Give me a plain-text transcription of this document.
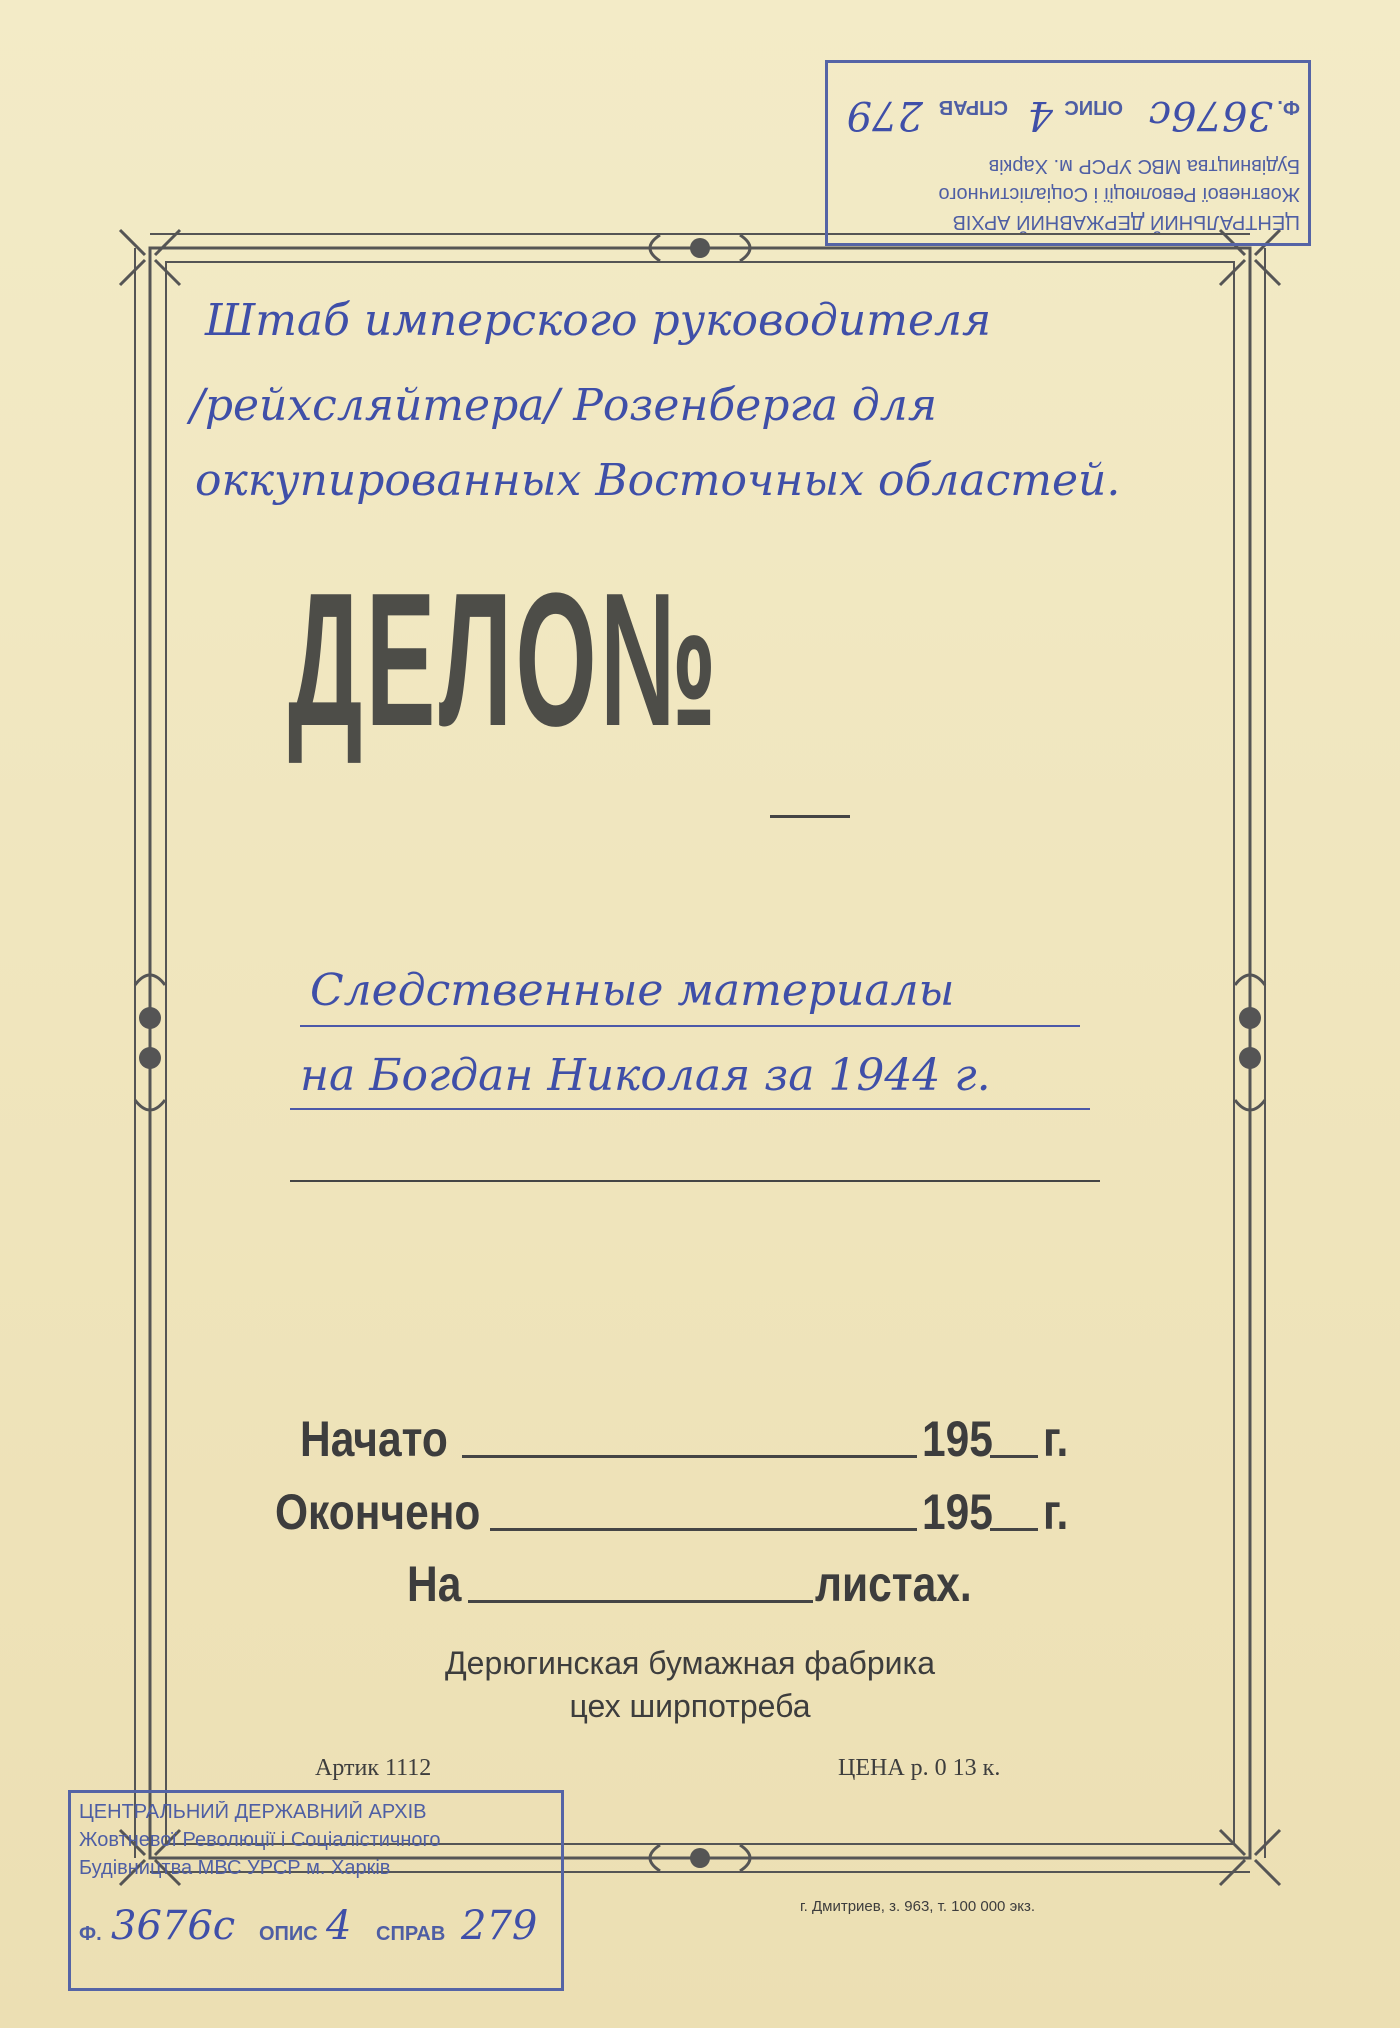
Штаб имперского руководителя
/рейхсляйтера/ Розенберга для
оккупированных Восточных областей.
ДЕЛО№
Следственные материалы
на Богдан Николая за 1944 г.
Начато	195 г.
Окончено	195 г.
На	листах.
Дерюгинская бумажная фабрика
цех ширпотреба
Артик 1112	ЦЕНА р. 0 13 к.
г. Дмитриев, з. 963, т. 100 000 экз.
ЦЕНТРАЛЬНИЙ ДЕРЖАВНИЙ АРХІВ
Жовтневої Революції і Соціалістичного
Будівництва МВС УРСР м. Харків
Ф.
3676с
ОПИС
4
СПРАВ
279
ЦЕНТРАЛЬНИЙ ДЕРЖАВНИЙ АРХІВ
Жовтневої Революції і Соціалістичного
Будівництва МВС УРСР м. Харків
Ф. 3676с ОПИС 4 СПРАВ 279
